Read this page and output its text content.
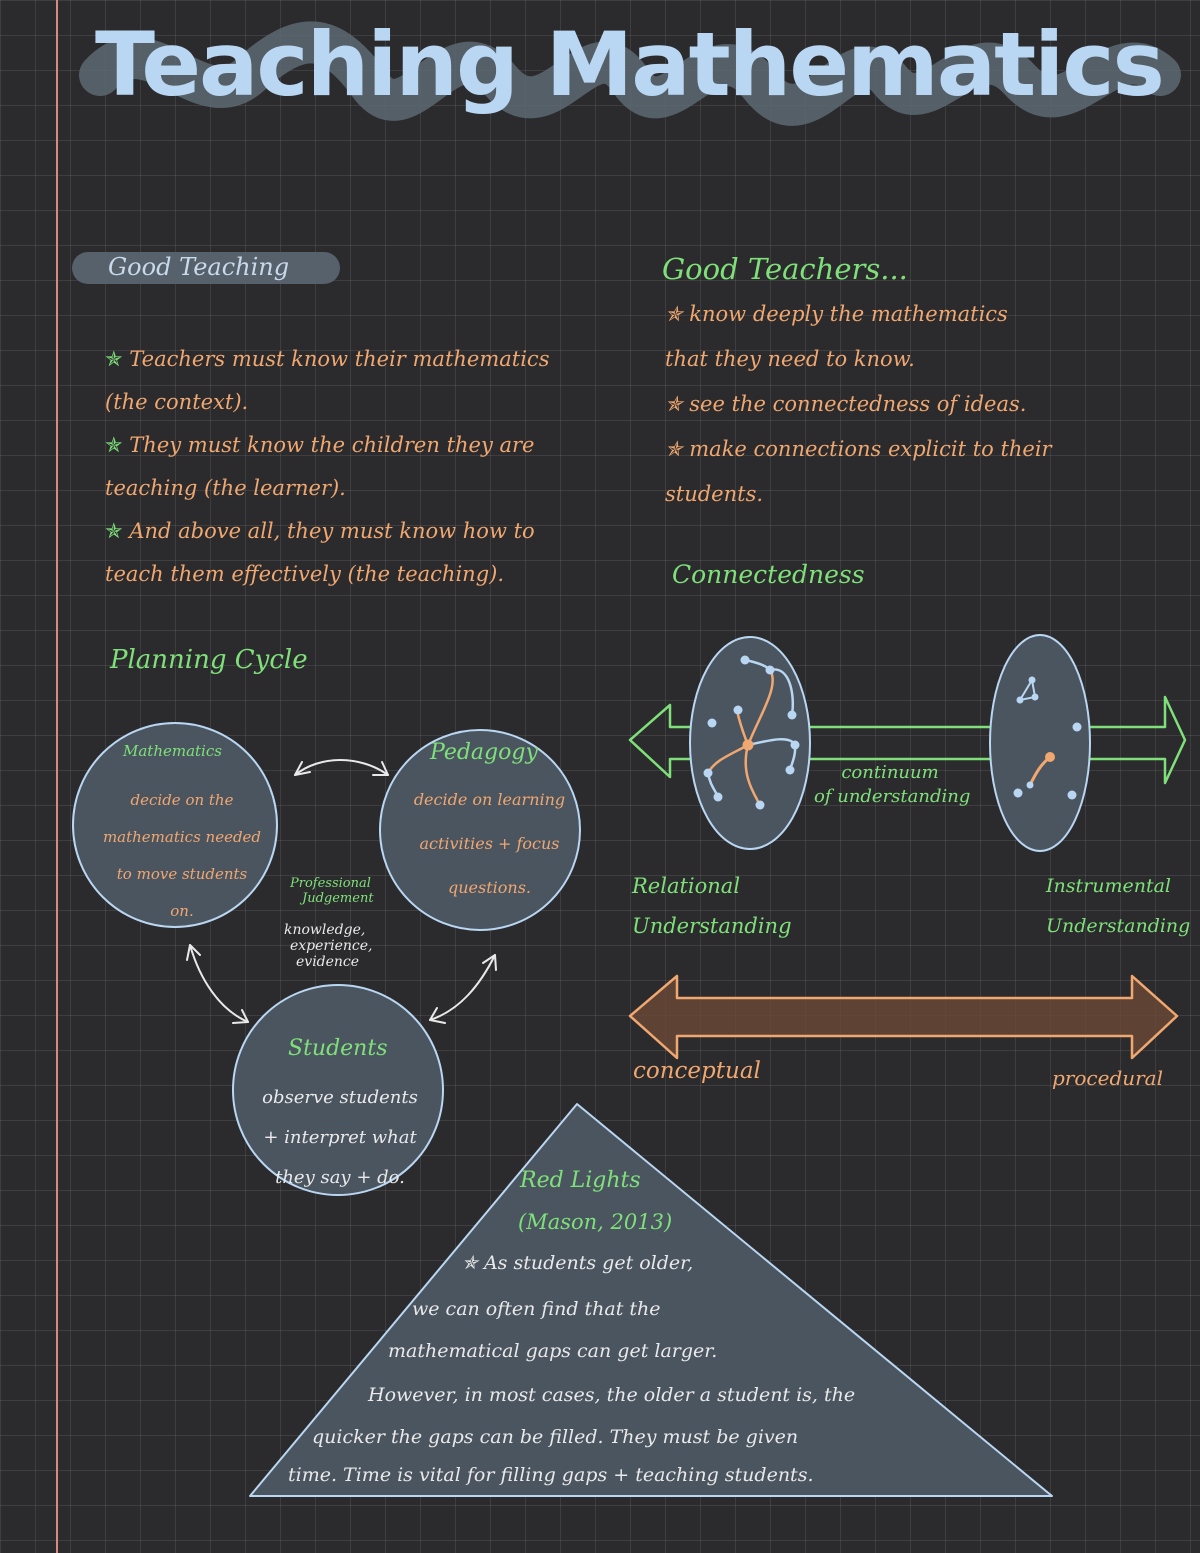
Teaching Mathematics
Good Teaching
✯ Teachers must know their mathematics
(the context).
✯ They must know the children they are
teaching (the learner).
✯ And above all, they must know how to
teach them effectively (the teaching).
Good Teachers...
✯ know deeply the mathematics
that they need to know.
✯ see the connectedness of ideas.
✯ make connections explicit to their
students.
Connectedness
continuum
of understanding
Relational
Understanding
Instrumental
Understanding
conceptual	procedural
Planning Cycle
Mathematics
decide on the
mathematics needed
to move students
on.
Pedagogy
decide on learning
activities + focus
questions.
Professional
Judgement
knowledge,
experience,
evidence
Students
observe students
+ interpret what
they say + do.	Red Lights
(Mason, 2013)
✯ As students get older,
we can often find that the
mathematical gaps can get larger.
However, in most cases, the older a student is, the
quicker the gaps can be filled. They must be given
time. Time is vital for filling gaps + teaching students.
